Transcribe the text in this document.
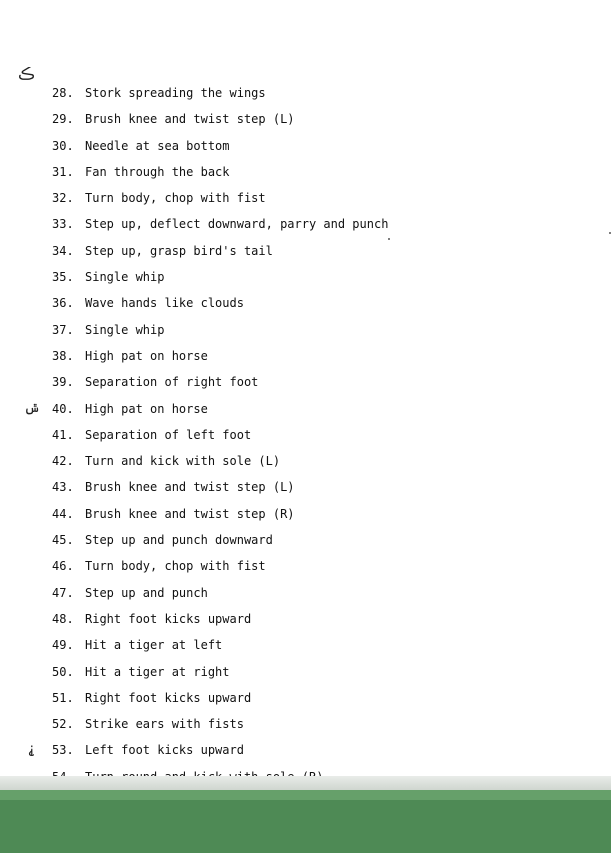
ڪ
ݜ
⸘
28. Stork spreading the wings
29. Brush knee and twist step (L)
30. Needle at sea bottom
31. Fan through the back
32. Turn body, chop with fist
33. Step up, deflect downward, parry and punch
34. Step up, grasp bird's tail
35. Single whip
36. Wave hands like clouds
37. Single whip
38. High pat on horse
39. Separation of right foot
40. High pat on horse
41. Separation of left foot
42. Turn and kick with sole (L)
43. Brush knee and twist step (L)
44. Brush knee and twist step (R)
45. Step up and punch downward
46. Turn body, chop with fist
47. Step up and punch
48. Right foot kicks upward
49. Hit a tiger at left
50. Hit a tiger at right
51. Right foot kicks upward
52. Strike ears with fists
53. Left foot kicks upward
